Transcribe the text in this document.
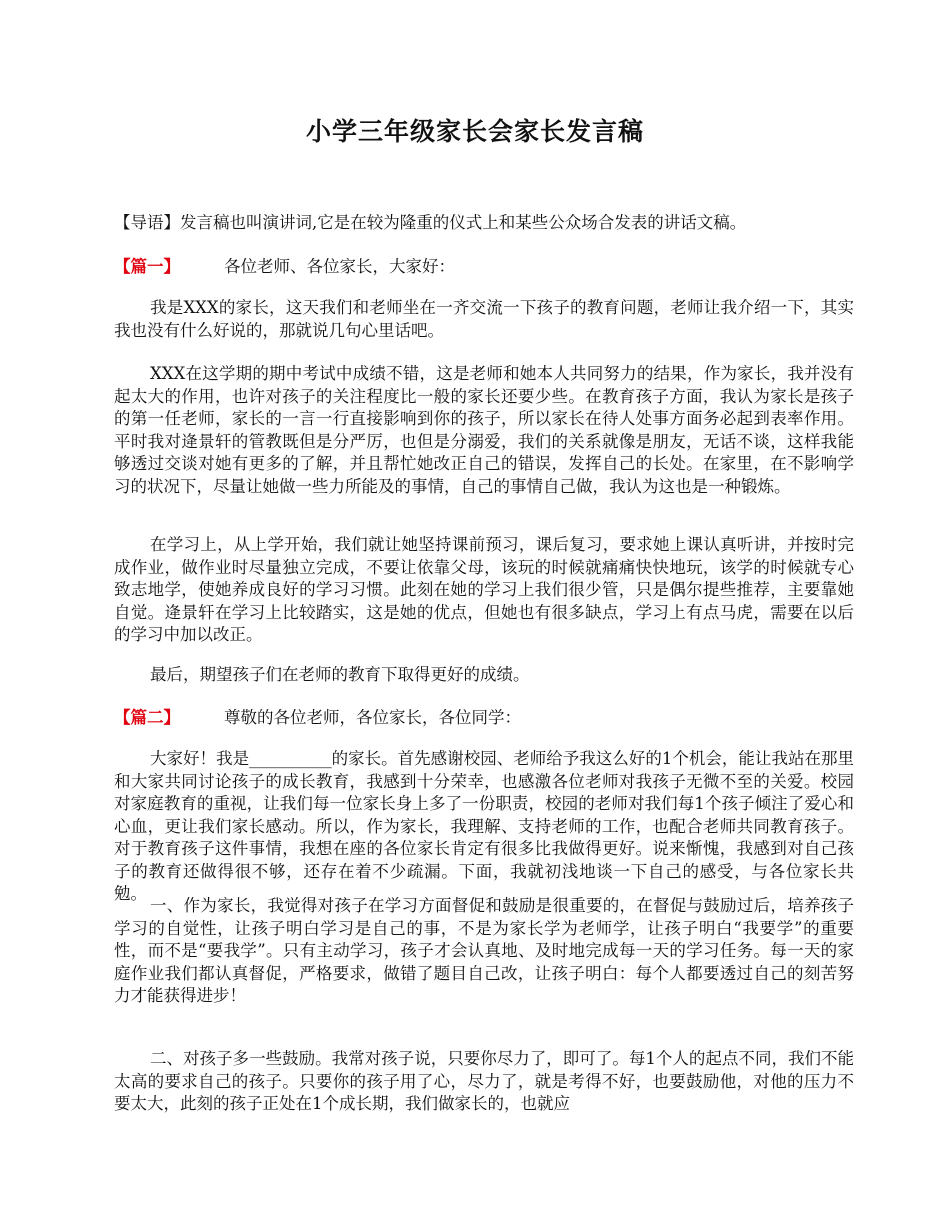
小学三年级家长会家长发言稿

【导语】发言稿也叫演讲词,它是在较为隆重的仪式上和某些公众场合发表的讲话文稿。

【篇一】	各位老师、各位家长，大家好：

我是XXX的家长，这天我们和老师坐在一齐交流一下孩子的教育问题，老师让我介绍一下，其实我也没有什么好说的，那就说几句心里话吧。

XXX在这学期的期中考试中成绩不错，这是老师和她本人共同努力的结果，作为家长，我并没有起太大的作用，也许对孩子的关注程度比一般的家长还要少些。在教育孩子方面，我认为家长是孩子的第一任老师，家长的一言一行直接影响到你的孩子，所以家长在待人处事方面务必起到表率作用。平时我对逄景轩的管教既但是分严厉，也但是分溺爱，我们的关系就像是朋友，无话不谈，这样我能够透过交谈对她有更多的了解，并且帮忙她改正自己的错误，发挥自己的长处。在家里，在不影响学习的状况下，尽量让她做一些力所能及的事情，自己的事情自己做，我认为这也是一种锻炼。

在学习上，从上学开始，我们就让她坚持课前预习，课后复习，要求她上课认真听讲，并按时完成作业，做作业时尽量独立完成，不要让依靠父母，该玩的时候就痛痛快快地玩，该学的时候就专心致志地学，使她养成良好的学习习惯。此刻在她的学习上我们很少管，只是偶尔提些推荐，主要靠她自觉。逄景轩在学习上比较踏实，这是她的优点，但她也有很多缺点，学习上有点马虎，需要在以后的学习中加以改正。

最后，期望孩子们在老师的教育下取得更好的成绩。

【篇二】	尊敬的各位老师，各位家长，各位同学：

大家好！我是__________的家长。首先感谢校园、老师给予我这么好的1个机会，能让我站在那里和大家共同讨论孩子的成长教育，我感到十分荣幸，也感激各位老师对我孩子无微不至的关爱。校园对家庭教育的重视，让我们每一位家长身上多了一份职责，校园的老师对我们每1个孩子倾注了爱心和心血，更让我们家长感动。所以，作为家长，我理解、支持老师的工作，也配合老师共同教育孩子。对于教育孩子这件事情，我想在座的各位家长肯定有很多比我做得更好。说来惭愧，我感到对自己孩子的教育还做得很不够，还存在着不少疏漏。下面，我就初浅地谈一下自己的感受，与各位家长共勉。

一、作为家长，我觉得对孩子在学习方面督促和鼓励是很重要的，在督促与鼓励过后，培养孩子学习的自觉性，让孩子明白学习是自己的事，不是为家长学为老师学，让孩子明白“我要学”的重要性，而不是“要我学”。只有主动学习，孩子才会认真地、及时地完成每一天的学习任务。每一天的家庭作业我们都认真督促，严格要求，做错了题目自己改，让孩子明白：每个人都要透过自己的刻苦努力才能获得进步！

二、对孩子多一些鼓励。我常对孩子说，只要你尽力了，即可了。每1个人的起点不同，我们不能太高的要求自己的孩子。只要你的孩子用了心，尽力了，就是考得不好，也要鼓励他，对他的压力不要太大，此刻的孩子正处在1个成长期，我们做家长的，也就应
